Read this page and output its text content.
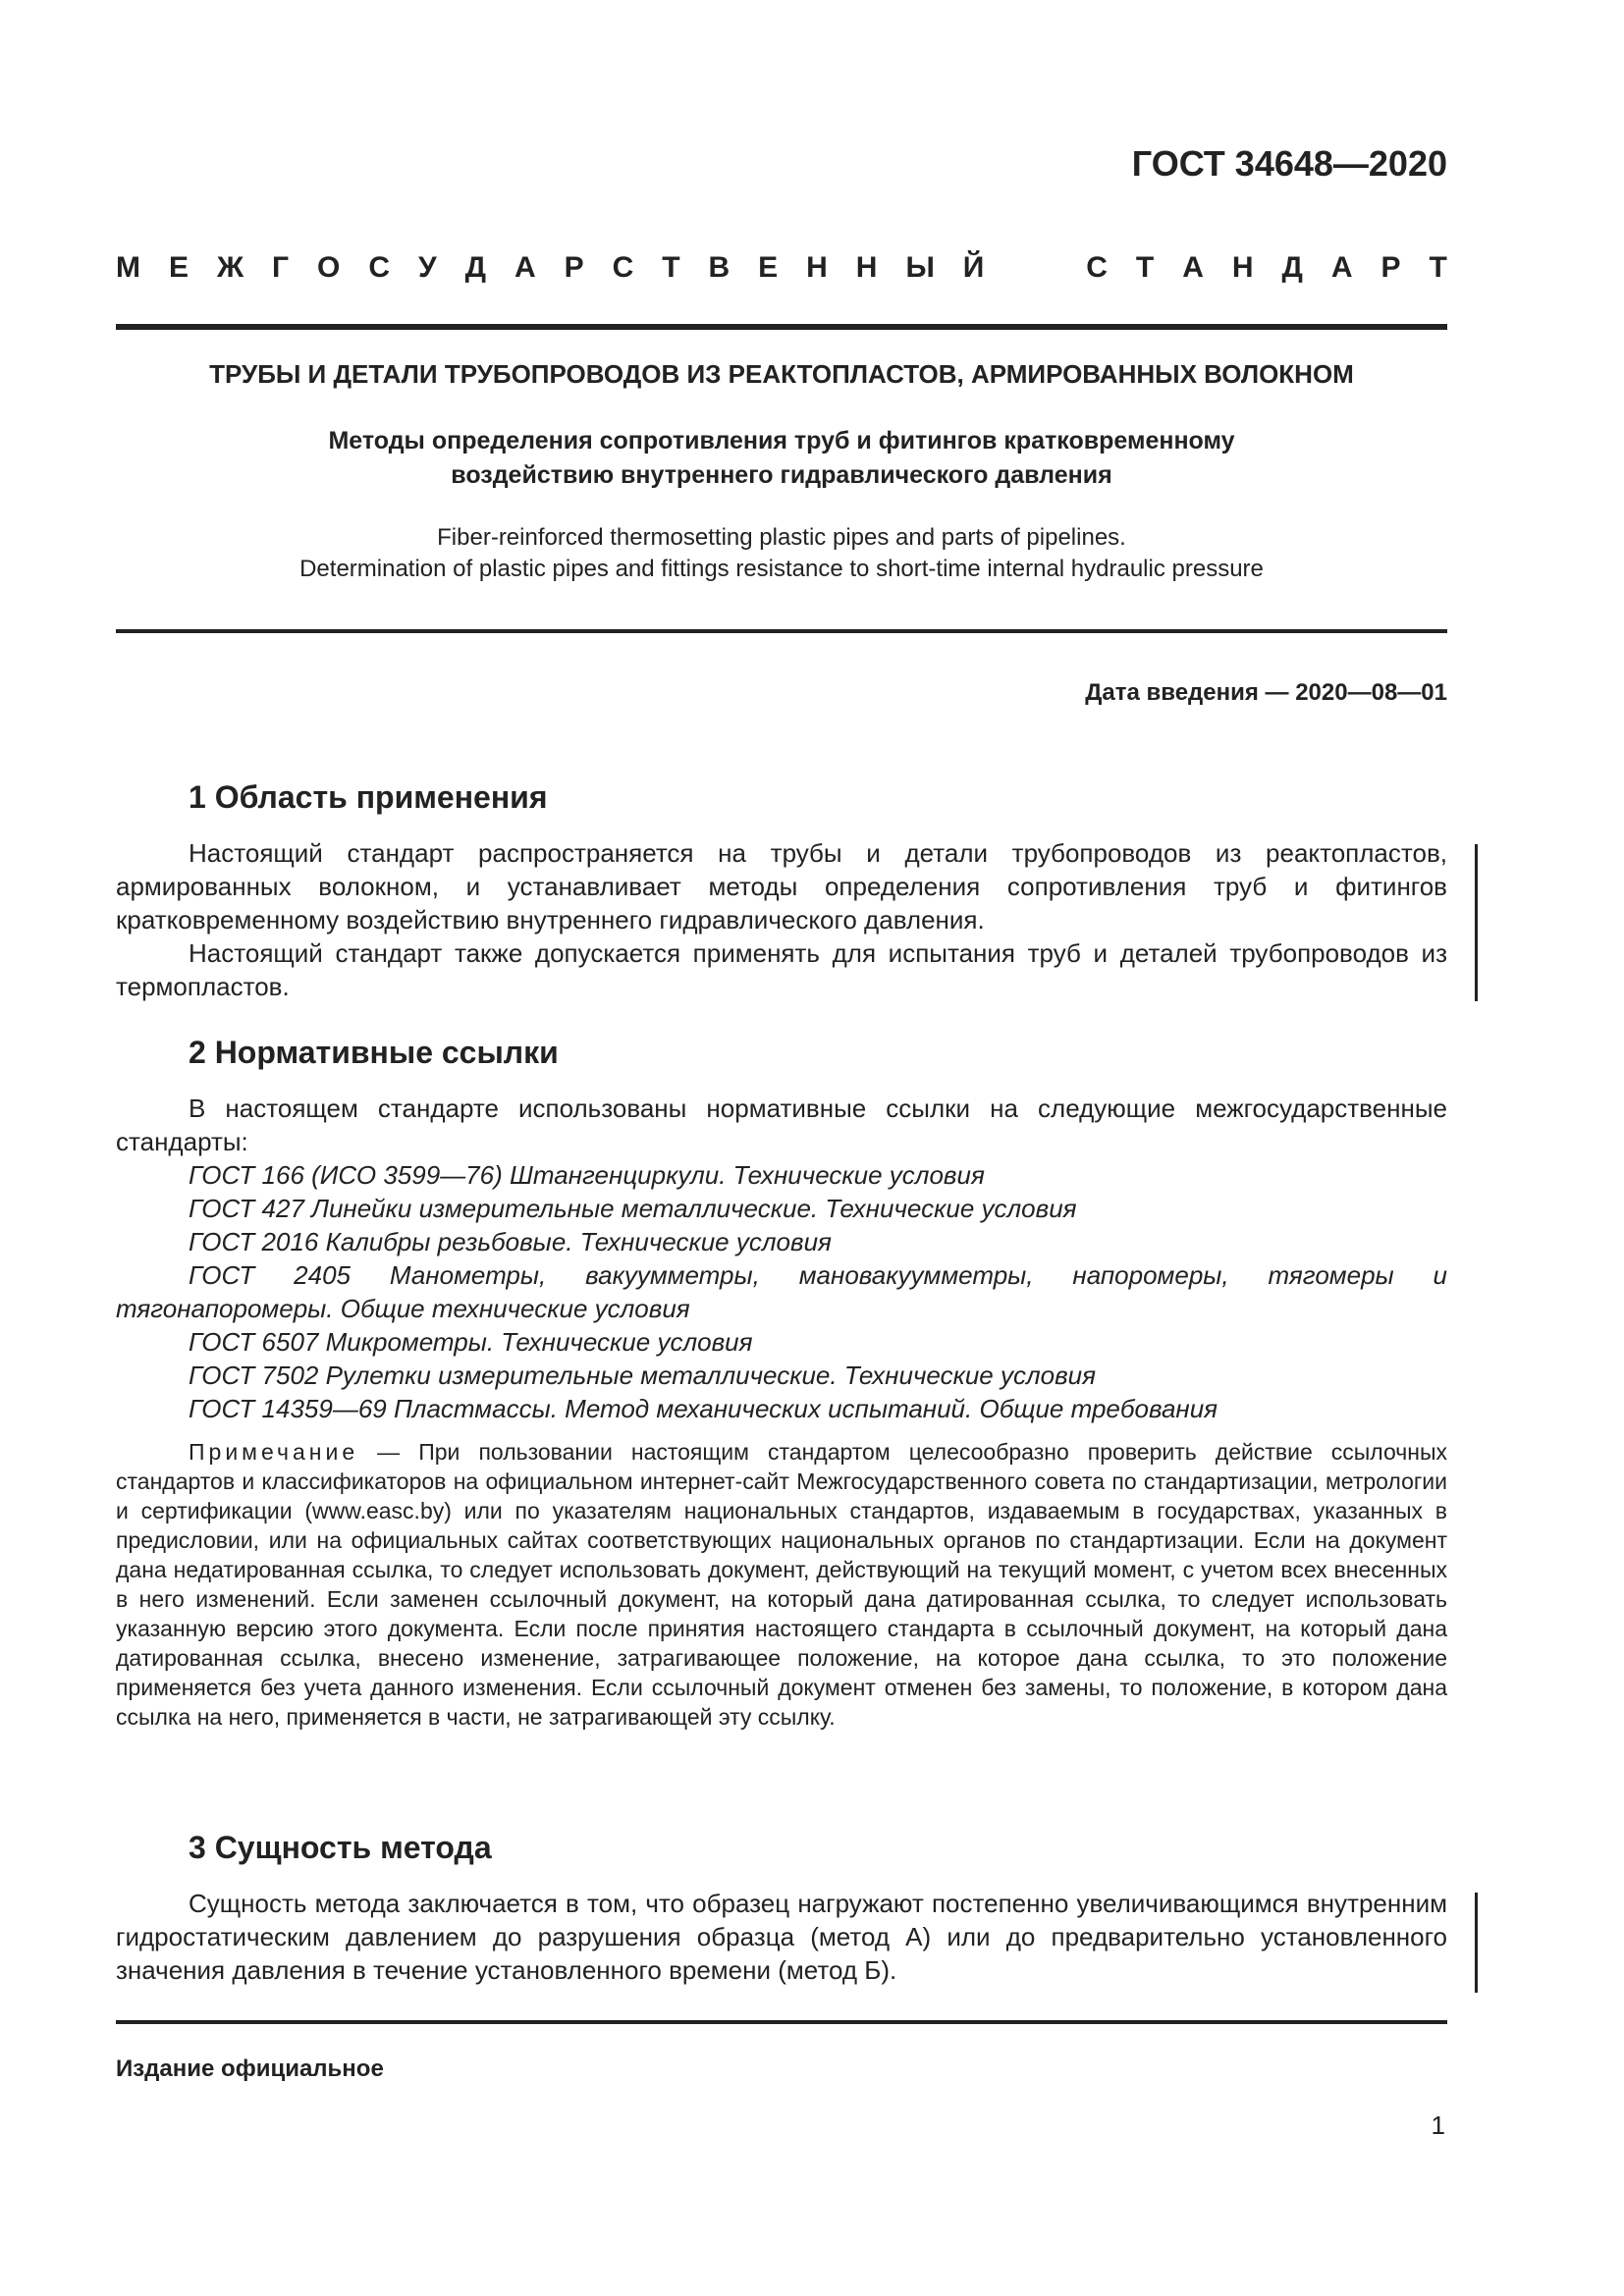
ГОСТ 34648—2020
М Е Ж Г О С У Д А Р С Т В Е Н Н Ы Й	С Т А Н Д А Р Т
ТРУБЫ И ДЕТАЛИ ТРУБОПРОВОДОВ ИЗ РЕАКТОПЛАСТОВ, АРМИРОВАННЫХ ВОЛОКНОМ
Методы определения сопротивления труб и фитингов кратковременному
воздействию внутреннего гидравлического давления
Fiber-reinforced thermosetting plastic pipes and parts of pipelines.
Determination of plastic pipes and fittings resistance to short-time internal hydraulic pressure
Дата введения — 2020—08—01
1 Область применения

Настоящий стандарт распространяется на трубы и детали трубопроводов из реактопластов, армированных волокном, и устанавливает методы определения сопротивления труб и фитингов кратковременному воздействию внутреннего гидравлического давления.

Настоящий стандарт также допускается применять для испытания труб и деталей трубопроводов из термопластов.

2 Нормативные ссылки

В настоящем стандарте использованы нормативные ссылки на следующие межгосударственные стандарты:

ГОСТ 166 (ИСО 3599—76) Штангенциркули. Технические условия
ГОСТ 427 Линейки измерительные металлические. Технические условия
ГОСТ 2016 Калибры резьбовые. Технические условия
ГОСТ 2405 Манометры, вакуумметры, мановакуумметры, напоромеры, тягомеры и тягонапоромеры. Общие технические условия
ГОСТ 6507 Микрометры. Технические условия
ГОСТ 7502 Рулетки измерительные металлические. Технические условия
ГОСТ 14359—69 Пластмассы. Метод механических испытаний. Общие требования

Примечание — При пользовании настоящим стандартом целесообразно проверить действие ссылочных стандартов и классификаторов на официальном интернет-сайт Межгосударственного совета по стандартизации, метрологии и сертификации (www.easc.by) или по указателям национальных стандартов, издаваемым в государствах, указанных в предисловии, или на официальных сайтах соответствующих национальных органов по стандартизации. Если на документ дана недатированная ссылка, то следует использовать документ, действующий на текущий момент, с учетом всех внесенных в него изменений. Если заменен ссылочный документ, на который дана датированная ссылка, то следует использовать указанную версию этого документа. Если после принятия настоящего стандарта в ссылочный документ, на который дана датированная ссылка, внесено изменение, затрагивающее положение, на которое дана ссылка, то это положение применяется без учета данного изменения. Если ссылочный документ отменен без замены, то положение, в котором дана ссылка на него, применяется в части, не затрагивающей эту ссылку.

3 Сущность метода

Сущность метода заключается в том, что образец нагружают постепенно увеличивающимся внутренним гидростатическим давлением до разрушения образца (метод А) или до предварительно установленного значения давления в течение установленного времени (метод Б).

Издание официальное
1
